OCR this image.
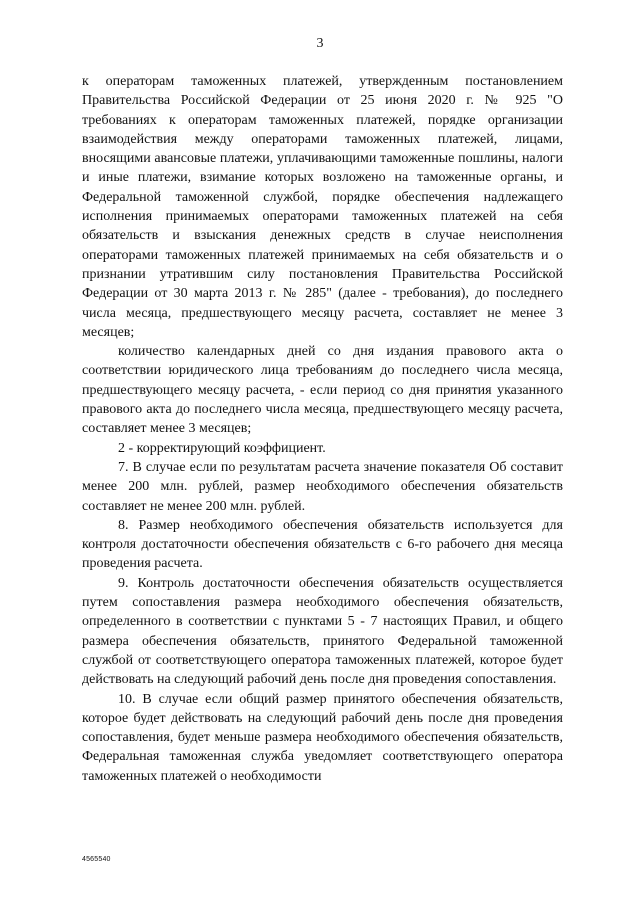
3

к операторам таможенных платежей, утвержденным постановлением Правительства Российской Федерации от 25 июня 2020 г. № 925 "О требованиях к операторам таможенных платежей, порядке организации взаимодействия между операторами таможенных платежей, лицами, вносящими авансовые платежи, уплачивающими таможенные пошлины, налоги и иные платежи, взимание которых возложено на таможенные органы, и Федеральной таможенной службой, порядке обеспечения надлежащего исполнения принимаемых операторами таможенных платежей на себя обязательств и взыскания денежных средств в случае неисполнения операторами таможенных платежей принимаемых на себя обязательств и о признании утратившим силу постановления Правительства Российской Федерации от 30 марта 2013 г. № 285" (далее - требования), до последнего числа месяца, предшествующего месяцу расчета, составляет не менее 3 месяцев;

количество календарных дней со дня издания правового акта о соответствии юридического лица требованиям до последнего числа месяца, предшествующего месяцу расчета, - если период со дня принятия указанного правового акта до последнего числа месяца, предшествующего месяцу расчета, составляет менее 3 месяцев;

2 - корректирующий коэффициент.

7. В случае если по результатам расчета значение показателя Об составит менее 200 млн. рублей, размер необходимого обеспечения обязательств составляет не менее 200 млн. рублей.

8. Размер необходимого обеспечения обязательств используется для контроля достаточности обеспечения обязательств с 6-го рабочего дня месяца проведения расчета.

9. Контроль достаточности обеспечения обязательств осуществляется путем сопоставления размера необходимого обеспечения обязательств, определенного в соответствии с пунктами 5 - 7 настоящих Правил, и общего размера обеспечения обязательств, принятого Федеральной таможенной службой от соответствующего оператора таможенных платежей, которое будет действовать на следующий рабочий день после дня проведения сопоставления.

10. В случае если общий размер принятого обеспечения обязательств, которое будет действовать на следующий рабочий день после дня проведения сопоставления, будет меньше размера необходимого обеспечения обязательств, Федеральная таможенная служба уведомляет соответствующего оператора таможенных платежей о необходимости

4565540
